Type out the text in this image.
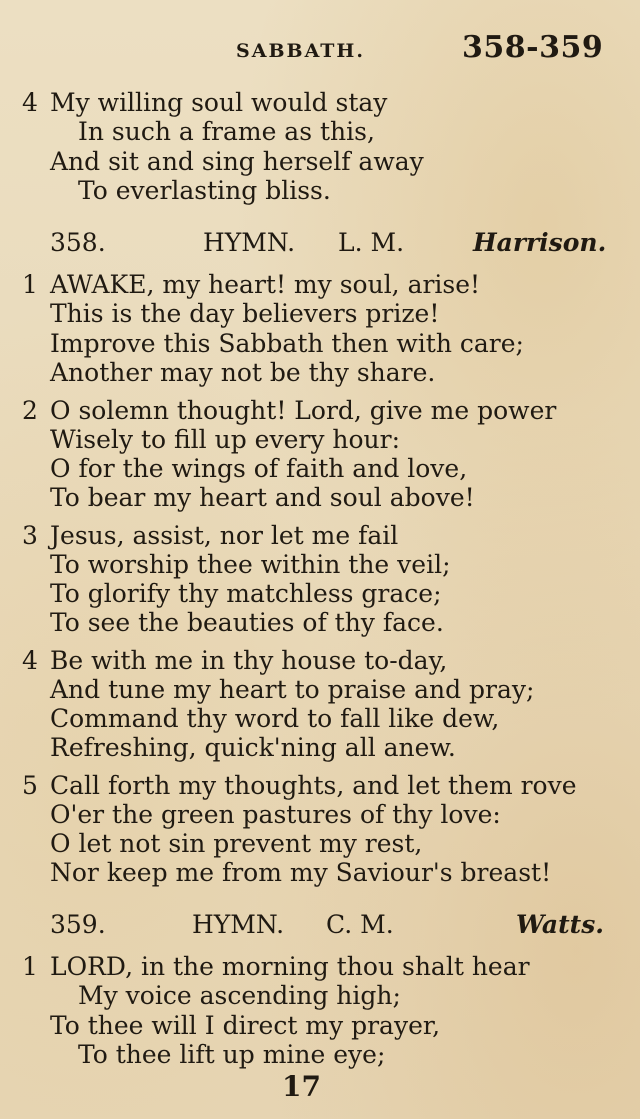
SABBATH.	358-359
4 My willing soul would stay
In such a frame as this,
And sit and sing herself away
To everlasting bliss.
358.	HYMN. L. M.	Harrison.
1 AWAKE, my heart! my soul, arise!
This is the day believers prize!
Improve this Sabbath then with care;
Another may not be thy share.
2 O solemn thought! Lord, give me power
Wisely to fill up every hour:
O for the wings of faith and love,
To bear my heart and soul above!
3 Jesus, assist, nor let me fail
To worship thee within the veil;
To glorify thy matchless grace;
To see the beauties of thy face.
4 Be with me in thy house to-day,
And tune my heart to praise and pray;
Command thy word to fall like dew,
Refreshing, quick'ning all anew.
5 Call forth my thoughts, and let them rove
O'er the green pastures of thy love:
O let not sin prevent my rest,
Nor keep me from my Saviour's breast!
359.	HYMN. C. M.	Watts.
1 LORD, in the morning thou shalt hear
My voice ascending high;
To thee will I direct my prayer,
To thee lift up mine eye;
17
